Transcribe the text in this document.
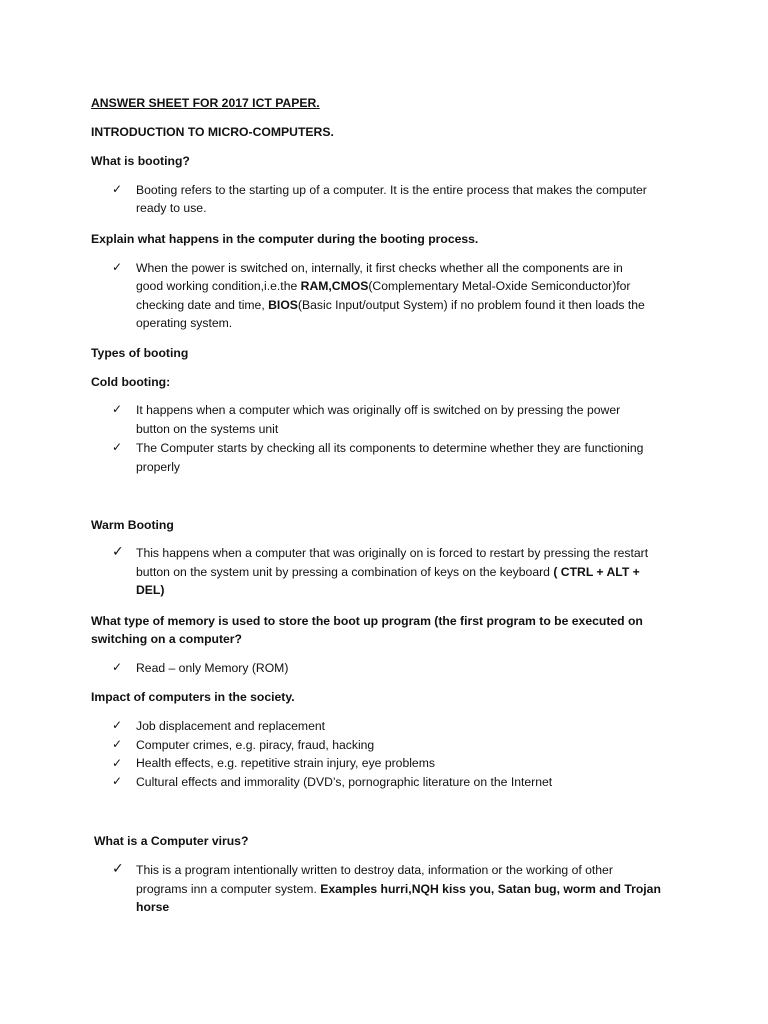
ANSWER SHEET FOR 2017 ICT PAPER.
INTRODUCTION TO MICRO-COMPUTERS.
What is booting?
✓ Booting refers to the starting up of a computer. It is the entire process that makes the computer
ready to use.
Explain what happens in the computer during the booting process.
✓ When the power is switched on, internally, it first checks whether all the components are in
good working condition,i.e.the RAM,CMOS(Complementary Metal-Oxide Semiconductor)for
checking date and time, BIOS(Basic Input/output System) if no problem found it then loads the
operating system.
Types of booting
Cold booting:
✓ It happens when a computer which was originally off is switched on by pressing the power
button on the systems unit
✓ The Computer starts by checking all its components to determine whether they are functioning
properly
Warm Booting
✓ This happens when a computer that was originally on is forced to restart by pressing the restart
button on the system unit by pressing a combination of keys on the keyboard ( CTRL + ALT +
DEL)
What type of memory is used to store the boot up program (the first program to be executed on
switching on a computer?
✓ Read – only Memory (ROM)
Impact of computers in the society.
✓ Job displacement and replacement
✓ Computer crimes, e.g. piracy, fraud, hacking
✓ Health effects, e.g. repetitive strain injury, eye problems
✓ Cultural effects and immorality (DVD’s, pornographic literature on the Internet
What is a Computer virus?
✓ This is a program intentionally written to destroy data, information or the working of other
programs inn a computer system. Examples hurri,NQH kiss you, Satan bug, worm and Trojan
horse
